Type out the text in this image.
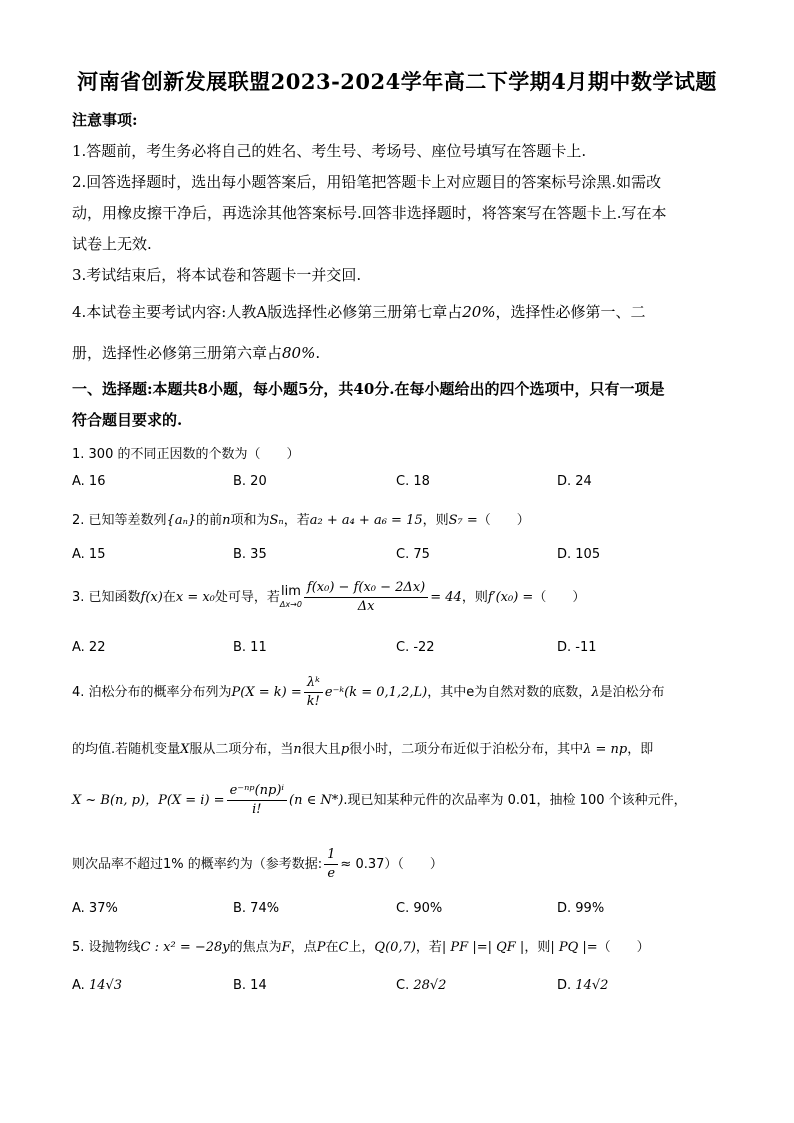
河南省创新发展联盟2023-2024学年高二下学期4月期中数学试题
注意事项:
1.答题前，考生务必将自己的姓名、考生号、考场号、座位号填写在答题卡上.
2.回答选择题时，选出每小题答案后，用铅笔把答题卡上对应题目的答案标号涂黑.如需改
动，用橡皮擦干净后，再选涂其他答案标号.回答非选择题时，将答案写在答题卡上.写在本
试卷上无效.
3.考试结束后，将本试卷和答题卡一并交回.
4.本试卷主要考试内容:人教A版选择性必修第三册第七章占20%，选择性必修第一、二
册，选择性必修第三册第六章占80%.
一、选择题:本题共8小题，每小题5分，共40分.在每小题给出的四个选项中，只有一项是
符合题目要求的.
1. 300 的不同正因数的个数为（　　）
A. 16	B. 20	C. 18	D. 24
2. 已知等差数列{aₙ}的前n项和为Sₙ，若a₂ + a₄ + a₆ = 15，则S₇ =（　　）
A. 15	B. 35	C. 75	D. 105
3. 已知函数f(x)在x = x₀处可导，若lim
$\Delta x\to 0 \frac{\text{f(x₀) − f(x₀ − 2Δx)}}{\Delta x} = 44$，则f′(x₀) =（　　）
A. 22	B. 11	C. -22	D. -11
4. 泊松分布的概率分布列为$P(X = k) = \frac{\text{λᵏ}}{k!}$ e⁻ᵏ(k = 0,1,2,L)，其中e为自然对数的底数，λ是泊松分布
的均值.若随机变量X服从二项分布，当n很大且p很小时，二项分布近似于泊松分布，其中λ = np，即
X ~ B(n, p)，$P(X = i) = \frac{\text{e⁻ⁿᵖ(np)ⁱ}}{i!} (n$ ∈ N*).现已知某种元件的次品率为 0.01，抽检 100 个该种元件，
则次品率不超过1% 的概率约为（参考数据: $\frac{1}{e} \approx 0.37$）（　　）
A. 37%	B. 74%	C. 90%	D. 99%
5. 设抛物线C : x² = −28y的焦点为F，点P在C上，Q(0,7)，若| PF |=| QF |，则| PQ |=（　　）
A. 14√3	B. 14	C. 28√2	D. 14√2
